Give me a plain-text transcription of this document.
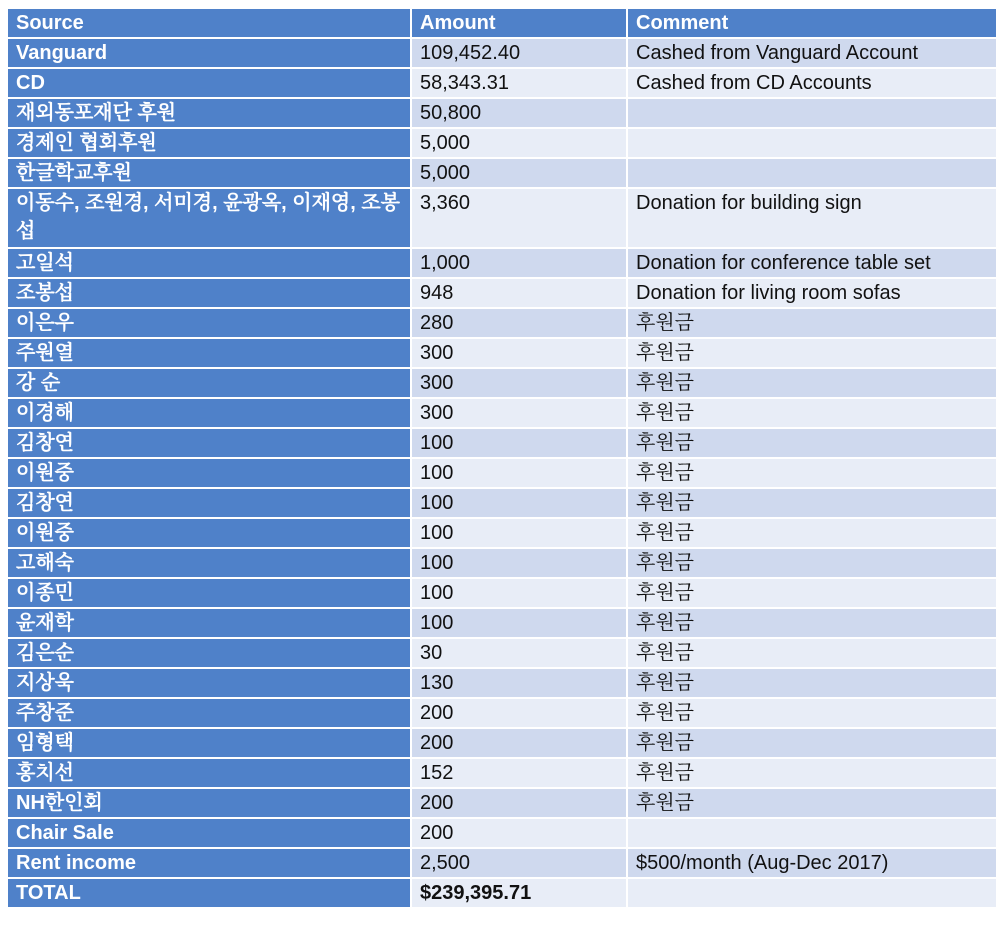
Source	Amount	Comment
Vanguard	109,452.40	Cashed from Vanguard Account
CD	58,343.31	Cashed from CD Accounts
재외동포재단 후원	50,800	
경제인 협회후원	5,000	
한글학교후원	5,000	
이동수, 조원경, 서미경, 윤광옥, 이재영, 조봉섭	3,360	Donation for building sign
고일석	1,000	Donation for conference table set
조봉섭	948	Donation for living room sofas
이은우	280	후원금
주원열	300	후원금
강 순	300	후원금
이경해	300	후원금
김창연	100	후원금
이원중	100	후원금
김창연	100	후원금
이원중	100	후원금
고해숙	100	후원금
이종민	100	후원금
윤재학	100	후원금
김은순	30	후원금
지상욱	130	후원금
주창준	200	후원금
임형택	200	후원금
홍치선	152	후원금
NH한인회	200	후원금
Chair Sale	200	
Rent income	2,500	$500/month (Aug-Dec 2017)
TOTAL	$239,395.71	
